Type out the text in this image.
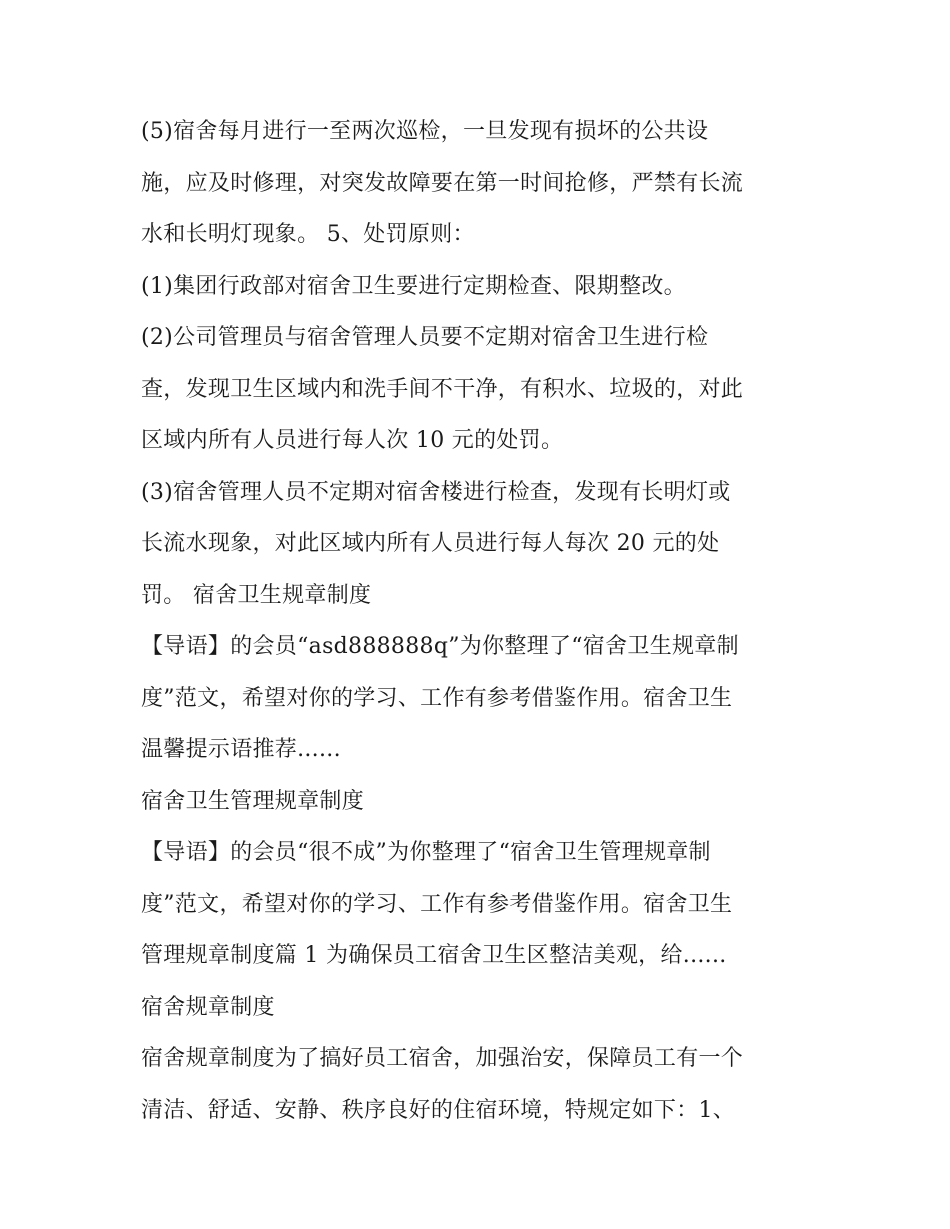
(5)宿舍每月进行一至两次巡检，一旦发现有损坏的公共设
施，应及时修理，对突发故障要在第一时间抢修，严禁有长流
水和长明灯现象。 5、处罚原则：
(1)集团行政部对宿舍卫生要进行定期检查、限期整改。
(2)公司管理员与宿舍管理人员要不定期对宿舍卫生进行检
查，发现卫生区域内和洗手间不干净，有积水、垃圾的，对此
区域内所有人员进行每人次 10 元的处罚。
(3)宿舍管理人员不定期对宿舍楼进行检查，发现有长明灯或
长流水现象，对此区域内所有人员进行每人每次 20 元的处
罚。 宿舍卫生规章制度
【导语】的会员“asd888888q”为你整理了“宿舍卫生规章制
度”范文，希望对你的学习、工作有参考借鉴作用。宿舍卫生
温馨提示语推荐......
宿舍卫生管理规章制度
【导语】的会员“很不成”为你整理了“宿舍卫生管理规章制
度”范文，希望对你的学习、工作有参考借鉴作用。宿舍卫生
管理规章制度篇 1 为确保员工宿舍卫生区整洁美观，给......
宿舍规章制度
宿舍规章制度为了搞好员工宿舍，加强治安，保障员工有一个
清洁、舒适、安静、秩序良好的住宿环境，特规定如下：1、
